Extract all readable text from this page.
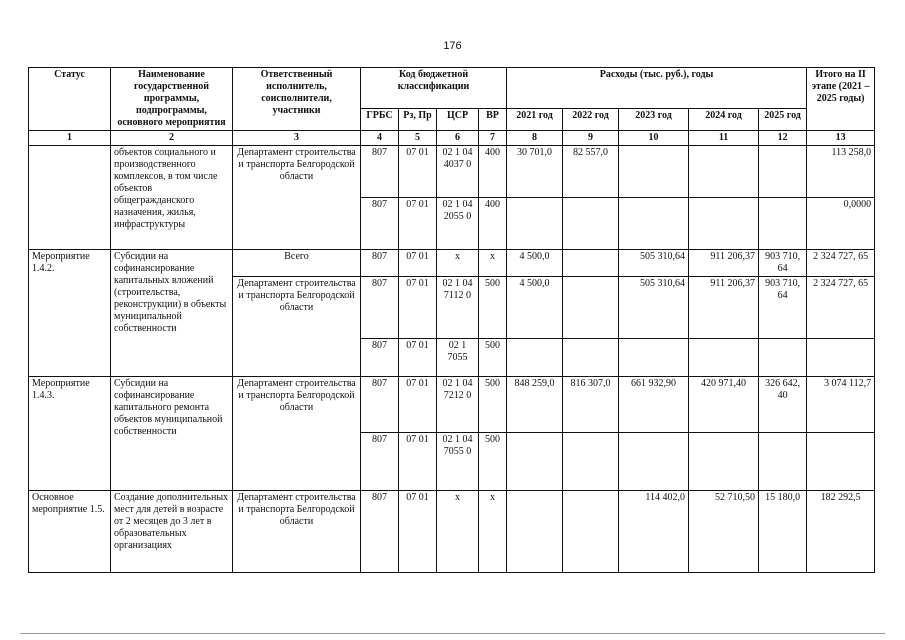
176
Статус	Наименование государственной программы, подпрограммы, основного мероприятия	Ответственный исполнитель, соисполнители, участники	Код бюджетной классификации				Расходы (тыс. руб.), годы					Итого на II этапе (2021 – 2025 годы)
			ГРБС	Рз, Пр	ЦСР	ВР	2021 год	2022 год	2023 год	2024 год	2025 год	
1	2	3	4	5	6	7	8	9	10	11	12	13
	объектов социального и производственного комплексов, в том числе объектов общегражданского назначения, жилья, инфраструктуры	Департамент строительства и транспорта Белгородской области	807	07 01	02 1 04 4037 0	400	30 701,0	82 557,0				113 258,0
			807	07 01	02 1 04 2055 0	400						0,0000
Мероприятие 1.4.2.	Субсидии на софинансирование капитальных вложений (строительства, реконструкции) в объекты муниципальной собственности	Всего	807	07 01	х	х	4 500,0		505 310,64	911 206,37	903 710, 64	2 324 727, 65
		Департамент строительства и транспорта Белгородской области	807	07 01	02 1 04 7112 0	500	4 500,0		505 310,64	911 206,37	903 710, 64	2 324 727, 65
			807	07 01	02 1 7055	500						
Мероприятие 1.4.3.	Субсидии на софинансирование капитального ремонта объектов муниципальной собственности	Департамент строительства и транспорта Белгородской области	807	07 01	02 1 04 7212 0	500	848 259,0	816 307,0	661 932,90	420 971,40	326 642, 40	3 074 112,7
			807	07 01	02 1 04 7055 0	500						
Основное мероприятие 1.5.	Создание дополнительных мест для детей в возрасте от 2 месяцев до 3 лет в образовательных организациях	Департамент строительства и транспорта Белгородской области	807	07 01	х	х			114 402,0	52 710,50	15 180,0	182 292,5
